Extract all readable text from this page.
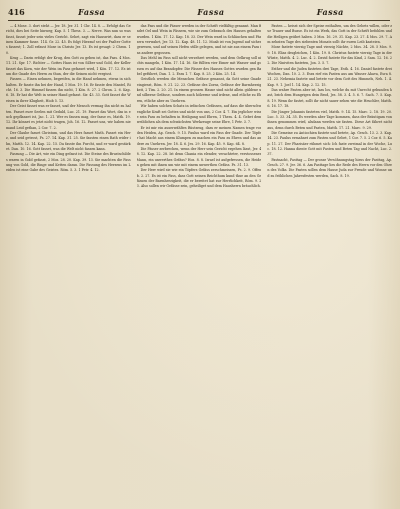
416	Fassa	Fassa	Fassa

— 4 Mose. 3. dort steht — Jer. 18. Jer. 31. 1 Chr. 14. 8. — Erfolgt das Gericht, dies bei Seite hinweg; Kap. 5. 1 Thess. 3. — Nerve. Was nun so was fasst, fassst jeder sein vieles Gericht. Sehet, sagt ein Hauswirt, dass er seinen Kammer fasse. 114. Gr. 22. 45. Es folgt Hierauf sei der Psalter Gottes fassest; 1. Zoll erfasst Mose in Christo Jer. 13. Es ist gesagt: 2 Chron. 10.

Krug — Darin erfolgt der Krug, den Gott zu geben ist, das Fass. 4 Mos. 11. 21. Spr. 17. Richter — Gottes Haus ist von Silber und Gold, der Keller fasset das Korn, wie der Wein im Fass gefasset wird, 1 Kön. 17. 12. Es ist um die Gnade des Herrn zu thun, der die Seinen nicht vergisst.

Fassen — Einen nehmen, begreifen, in die Hand nehmen, etwas in sich halten. Er fasste ihn bei der Hand, 1 Mos. 19. 16. Er fasste den Mantel, Richt. 16. 3. Die Himmel fassen ihn nicht, 1 Kön. 8. 27. 2 Chron. 2. 6. Kap. 6. 18. Er hat die Welt in seiner Hand gefasst. Sir. 43. 33. Gott fasset die Weisen in ihrer Klugheit, Hiob 5. 13.

Der Geist fasset was er fasset, und der Mensch vermag ihn nicht zu halten. Fasset eure Seelen mit Geduld, Luc. 21. 19. Fasset das Wort, das in euch gepflanzet ist, Jac. 1. 21. Wer es fassen mag, der fasse es, Matth. 19. 12. Ihr könnet es jetzt nicht tragen, Joh. 16. 12. Fasset uns, wir haben niemand Leid gethan, 2 Cor. 7. 2.

Der Glaube fasset Christum, und das Herz fasset Muth. Fasset ein Herz, und seid getrost, Ps. 27. 14. Kap. 31. 25. Sie fassten einen Rath wider ihn, Matth. 12. 14. Kap. 22. 15. Da fasste ihn Furcht, und er ward gestärket. Dan. 10. 16. Gott fasset, was die Welt nicht fassen kann.

Fassung — Die Art, wie ein Ding gefasst ist. Die Steine des Brustschildes waren in Gold gefasst, 2 Mos. 28. 20. Kap. 39. 13. Sie machten die Fassung von Gold, die Ringe und Ketten daran. Die Fassung des Herzens im Leiden ist eine Gabe des Geistes. Röm. 5. 3. 1 Petr. 4. 12.

das Fass und die Fässer werden in der Schrift vielfältig genannt. Man findet Oel und Wein in Fässern, wie sie zum Gebrauch des Hauses gehalten wurden. 1 Kön. 17. 12. Kap. 18. 33. Der Wein ward in Schläuchen und Fässern verwahrt, Jer. 13. 12. Kap. 48. 11. 12. Moab ist von Jugend auf sicher gewesen, und auf seinen Hefen stille gelegen, und ist nie aus einem Fass ins andere gegossen.

Das Mehl im Fass soll nicht verzehret werden, und dem Oelkrug soll nichts mangeln, 1 Kön. 17. 14. 16. Sie füllten vier Eimer mit Wasser und gossen es auf das Brandopfer. Die Fässer des Hauses Gottes wurden gen Babel geführet, Dan. 1. 2. Esra 1. 7. Kap. 8. 25. 2 Kön. 25. 14.

Geistlich werden die Menschen Gefässe genannt, da Gott seine Gnade eingiesst, Röm. 9. 21. 22. 23. Gefässe des Zorns, Gefässe der Barmherzigkeit, 2 Tim. 2. 20. 21. In einem grossen Hause sind nicht allein güldene und silberne Gefässe, sondern auch hölzerne und irdene, und etliche zu Ehren, etliche aber zu Unehren.

Wir haben solchen Schatz in irdischen Gefässen, auf dass die überschwengliche Kraft sei Gottes und nicht von uns, 2 Cor. 4. 7. Ein jeglicher wisse sein Fass zu behalten in Heiligung und Ehren, 1 Thess. 4. 4. Gebet dem weiblichen als dem schwächsten Werkzeuge seine Ehre, 1 Petr. 3. 7.

Er ist mir ein auserwähltes Rüstzeug, dass er meinen Namen trage vor den Heiden, Ap. Gesch. 9. 15. Paulus ward ein Fass der Gnade. Der Töpfer hat Macht aus einem Klumpen zu machen ein Fass zu Ehren und das andere zu Unehren. Jer. 18. 4. 6. Jes. 29. 16. Kap. 45. 9. Kap. 64. 8.

Die Fässer zerbrechen, wenn der Herr sein Gericht ergehen lässt, Jer. 48. 12. Kap. 22. 28. Ist denn Chania ein elender, verachteter, verstossener Mann, ein unwerthes Gefäss? Hos. 8. 8. Israel ist aufgefressen, die Heiden gehen mit ihnen um wie mit einem unwerthen Gefäss. Ps. 31. 13.

Der Herr wird sie wie ein Töpfers Gefäss zerschmeissen, Ps. 2. 9. Offenb. 2. 27. Es ist ein Fass, dass Gott seinen Reichthum kund thue an den Gefässen der Barmherzigkeit, die er bereitet hat zur Herrlichkeit, Röm. 9. 23. Also sollen wir Gefässe sein, geheiliget und dem Hausherrn bräuchlich.

Fasten — heisst sich der Speise enthalten, um des Gebets willen, oder zur Trauer und Busse. Es ist ein Werk, das Gott in der Schrift befohlen und die Heiligen geübet haben. 3 Mos. 16. 29. 31. Kap. 23. 27. 4 Mos. 29. 7. Am zehnten Tage des siebenten Monats sollt ihr euren Leib kasteien.

Mose fastete vierzig Tage und vierzig Nächte, 2 Mos. 34. 28. 5 Mos. 9. 9. 18. Elias desgleichen, 1 Kön. 19. 8. Christus fastete vierzig Tage in der Wüste, Matth. 4. 2. Luc. 4. 2. David fastete für das Kind, 2 Sam. 12. 16. 22. Die Niniviten fasteten, Jon. 3. 5. 7.

Esther und die Juden fasteten drei Tage, Esth. 4. 16. Daniel fastete drei Wochen, Dan. 10. 2. 3. Esra rief ein Fasten aus am Wasser Ahava, Esra 8. 21. 23. Nehemia fastete und betete vor dem Gott des Himmels, Neh. 1. 4. Kap. 9. 1. Joel 1. 14. Kap. 2. 12. 15.

Das wahre Fasten aber ist, lass los, welche du mit Unrecht gebunden hast, brich dem Hungrigen dein Brod, Jes. 58. 3. 4. 5. 6. 7. Sach. 7. 5. Kap. 8. 19. Wenn ihr fastet, sollt ihr nicht sauer sehen wie die Heuchler, Matth. 6. 16. 17. 18.

Die Jünger Johannis fasteten viel, Matth. 9. 14. 15. Marc. 2. 18. 19. 20. Luc. 5. 33. 34. 35. Es werden aber Tage kommen, dass der Bräutigam von ihnen genommen wird, alsdann werden sie fasten. Diese Art fähret nicht aus, denn durch Beten und Fasten, Matth. 17. 21. Marc. 9. 29.

Die Gemeine zu Antiochien fastete und betete, Ap. Gesch. 13. 2. 3. Kap. 14. 23. Paulus ermahnet zum Fasten und Gebet, 1 Cor. 7. 5. 2 Cor. 6. 5. Kap. 11. 27. Der Pharisäer rühmet sich: Ich faste zweimal in der Woche, Luc. 18. 12. Hanna diente Gott mit Fasten und Beten Tag und Nacht, Luc. 2. 37.

Fastnacht, Fasttag — Der grosse Versöhnungstag hiess der Fasttag, Ap. Gesch. 27. 9. Jer. 36. 6. Am Fasttage lies die Rede des Herrn vor den Ohren des Volks. Die Fasten sollen dem Hause Juda zur Freude und Wonne und zu fröhlichen Jahresfesten werden, Sach. 8. 19.
